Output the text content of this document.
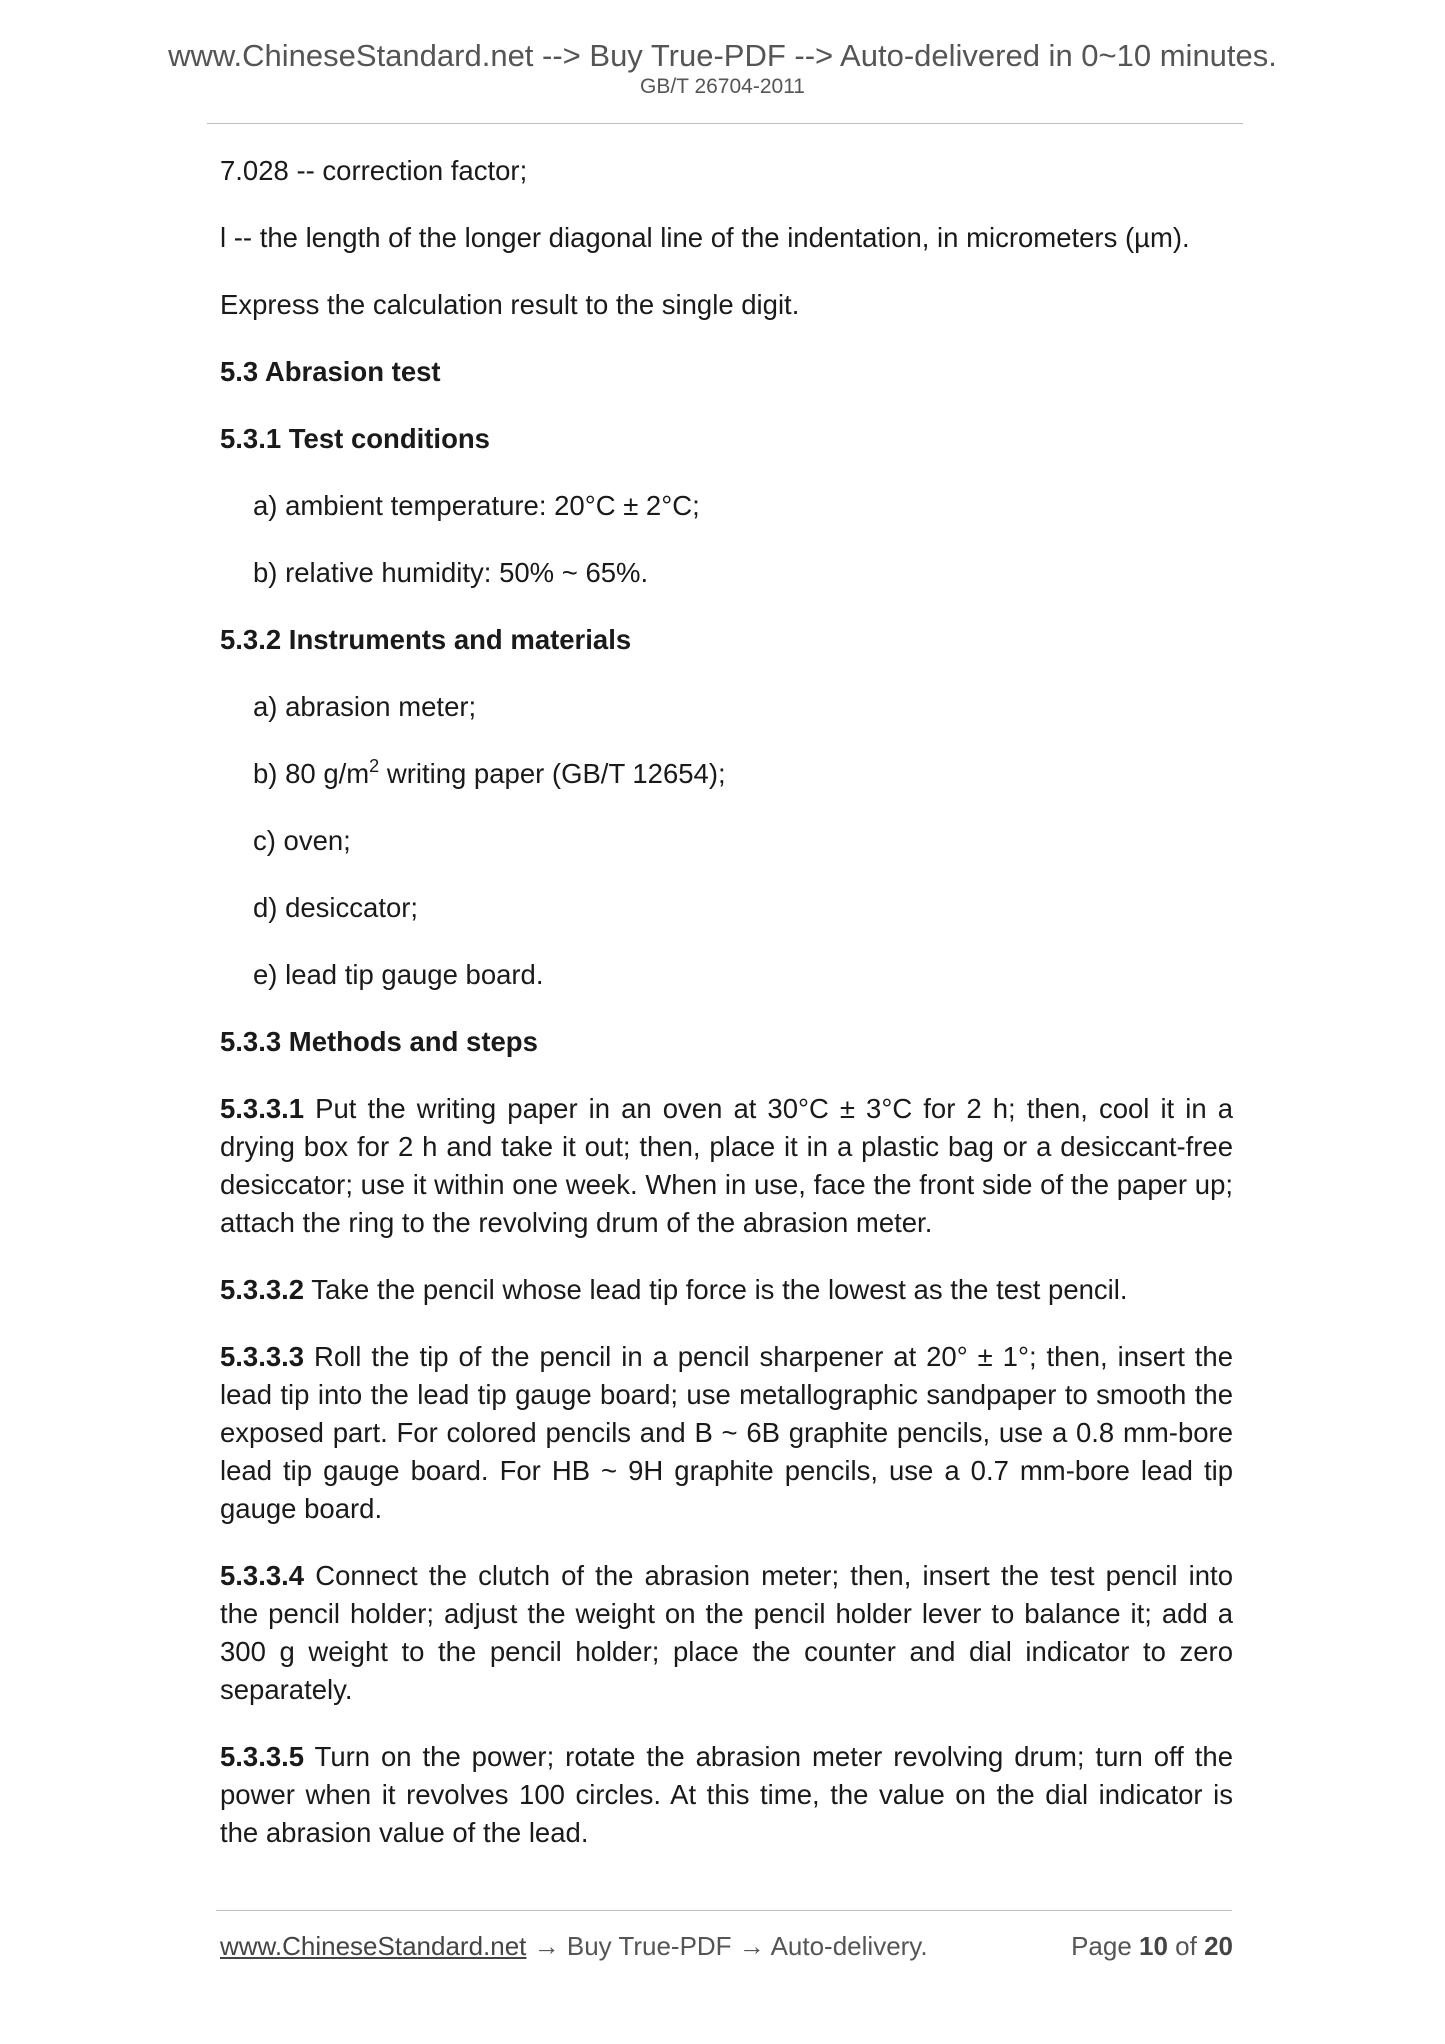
www.ChineseStandard.net --> Buy True-PDF --> Auto-delivered in 0~10 minutes.
GB/T 26704-2011

7.028 -- correction factor;

l -- the length of the longer diagonal line of the indentation, in micrometers (µm).

Express the calculation result to the single digit.

5.3 Abrasion test

5.3.1 Test conditions

a) ambient temperature: 20°C ± 2°C;

b) relative humidity: 50% ~ 65%.

5.3.2 Instruments and materials

a) abrasion meter;

b) 80 $g/m^2$ writing paper (GB/T 12654);

c) oven;

d) desiccator;

e) lead tip gauge board.

5.3.3 Methods and steps

5.3.3.1 Put the writing paper in an oven at 30°C ± 3°C for 2 h; then, cool it in a drying box for 2 h and take it out; then, place it in a plastic bag or a desiccant-free desiccator; use it within one week. When in use, face the front side of the paper up; attach the ring to the revolving drum of the abrasion meter.

5.3.3.2 Take the pencil whose lead tip force is the lowest as the test pencil.

5.3.3.3 Roll the tip of the pencil in a pencil sharpener at 20° ± 1°; then, insert the lead tip into the lead tip gauge board; use metallographic sandpaper to smooth the exposed part. For colored pencils and B ~ 6B graphite pencils, use a 0.8 mm-bore lead tip gauge board. For HB ~ 9H graphite pencils, use a 0.7 mm-bore lead tip gauge board.

5.3.3.4 Connect the clutch of the abrasion meter; then, insert the test pencil into the pencil holder; adjust the weight on the pencil holder lever to balance it; add a 300 g weight to the pencil holder; place the counter and dial indicator to zero separately.

5.3.3.5 Turn on the power; rotate the abrasion meter revolving drum; turn off the power when it revolves 100 circles. At this time, the value on the dial indicator is the abrasion value of the lead.

www.ChineseStandard.net → Buy True-PDF → Auto-delivery.	Page 10 of 20
